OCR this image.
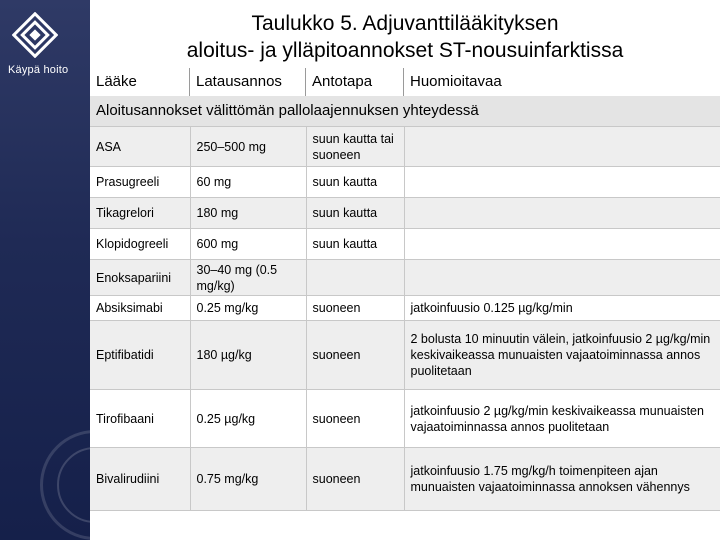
Käypä hoito
Taulukko 5. Adjuvanttilääkityksen
aloitus- ja ylläpitoannokset ST-nousuinfarktissa
Lääke	Latausannos	Antotapa	Huomioitavaa
Aloitusannokset välittömän pallolaajennuksen yhteydessä
ASA	250–500 mg	suun kautta tai suoneen	
Prasugreeli	60 mg	suun kautta	
Tikagrelori	180 mg	suun kautta	
Klopidogreeli	600 mg	suun kautta	
Enoksapariini	30–40 mg (0.5 mg/kg)		
Absiksimabi	0.25 mg/kg	suoneen	jatkoinfuusio 0.125 µg/kg/min
Eptifibatidi	180 µg/kg	suoneen	2 bolusta 10 minuutin välein, jatkoinfuusio 2 µg/kg/min keskivaikeassa munuaisten vajaatoiminnassa annos puolitetaan
Tirofibaani	0.25 µg/kg	suoneen	jatkoinfuusio 2 µg/kg/min keskivaikeassa munuaisten vajaatoiminnassa annos puolitetaan
Bivalirudiini	0.75 mg/kg	suoneen	jatkoinfuusio 1.75 mg/kg/h toimenpiteen ajan munuaisten vajaatoiminnassa annoksen vähennys
